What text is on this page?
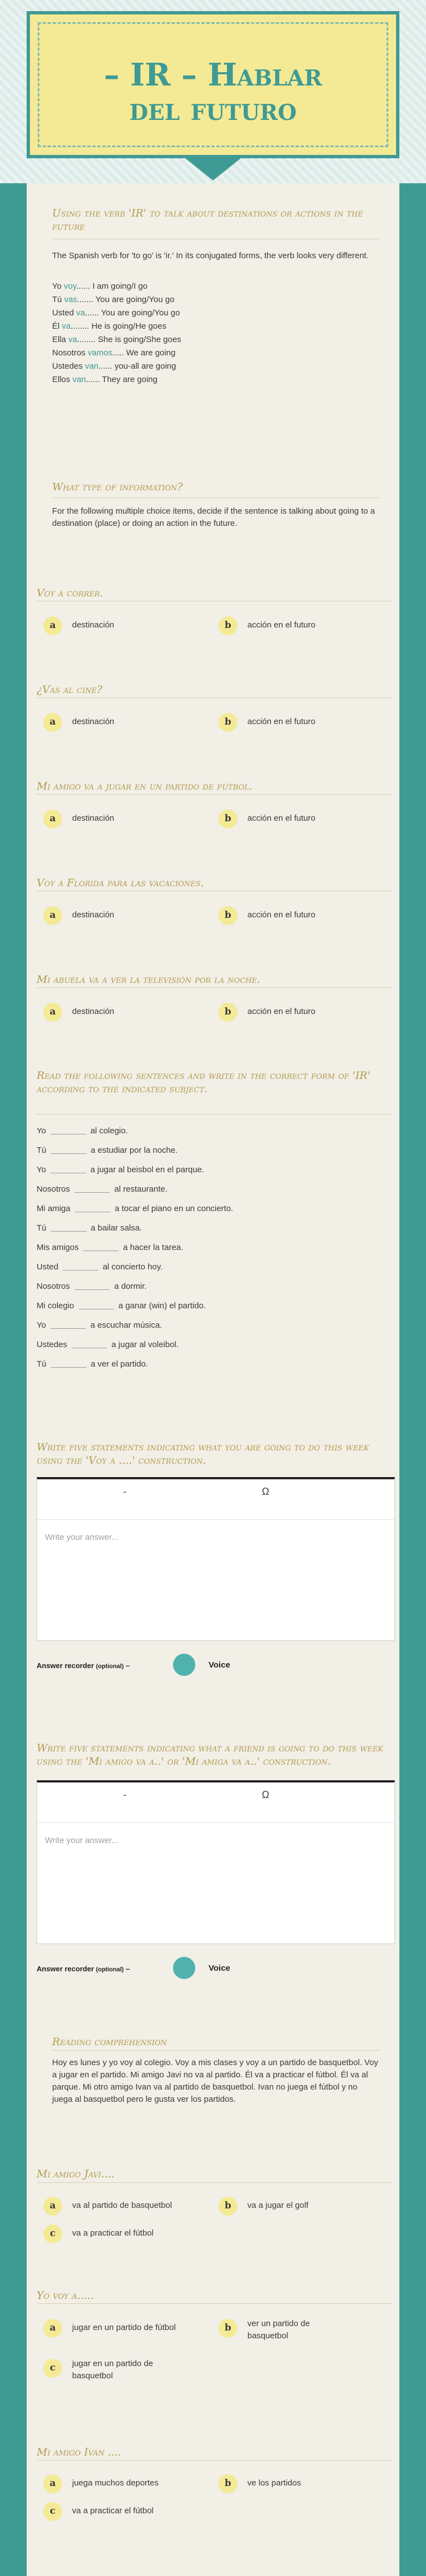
– IR – Hablar
del futuro
Using the verb 'IR' to talk about destinations or actions in the future

The Spanish verb for 'to go' is 'ir.' In its conjugated forms, the verb looks very different.

Yo voy...... I am going/I go
Tú vas....... You are going/You go
Usted va...... You are going/You go
Él va........ He is going/He goes
Ella va........ She is going/She goes
Nosotros vamos..... We are going
Ustedes van...... you-all are going
Ellos van...... They are going
What type of information?

For the following multiple choice items, decide if the sentence is talking about going to a destination (place) or doing an action in the future.

Voy a correr.
a	destinación	b	acción en el futuro
¿Vas al cine?
a	destinación	b	acción en el futuro
Mi amigo va a jugar en un partido de fútbol.
a	destinación	b	acción en el futuro
Voy a Florida para las vacaciones.
a	destinación	b	acción en el futuro
Mi abuela va a ver la televisión por la noche.
a	destinación	b	acción en el futuro
Read the following sentences and write in the correct form of 'IR' according to the indicated subject.
Yo	al colegio.
Tú	a estudiar por la noche.
Yo	a jugar al beisbol en el parque.
Nosotros	al restaurante.
Mi amiga	a tocar el piano en un concierto.
Tú	a bailar salsa.
Mis amigos	a hacer la tarea.
Usted	al concierto hoy.
Nosotros	a dormir.
Mi colegio	a ganar (win) el partido.
Yo	a escuchar música.
Ustedes	a jugar al voleibol.
Tú	a ver el partido.
Write five statements indicating what you are going to do this week using the 'Voy a ....' construction.
-	Ω
Write your answer...
Answer recorder (optional) –	Voice
Write five statements indicating what a friend is going to do this week using the 'Mi amigo va a..' or 'Mi amiga va a..' construction.
-	Ω
Write your answer...
Answer recorder (optional) –	Voice
Reading comprehension

Hoy es lunes y yo voy al colegio. Voy a mis clases y voy a un partido de basquetbol. Voy a jugar en el partido. Mi amigo Javi no va al partido. Él va a practicar el fútbol. Él va al parque. Mi otro amigo Ivan va al partido de basquetbol. Ivan no juega el fútbol y no juega al basquetbol pero le gusta ver los partidos.

Mi amigo Javi....
a	va al partido de basquetbol	b	va a jugar el golf
c	va a practicar el fútbol
Yo voy a.....
a	jugar en un partido de fútbol	b	ver un partido de basquetbol
c	jugar en un partido de basquetbol
Mi amigo Ivan ....
a	juega muchos deportes	b	ve los partidos
c	va a practicar el fútbol
